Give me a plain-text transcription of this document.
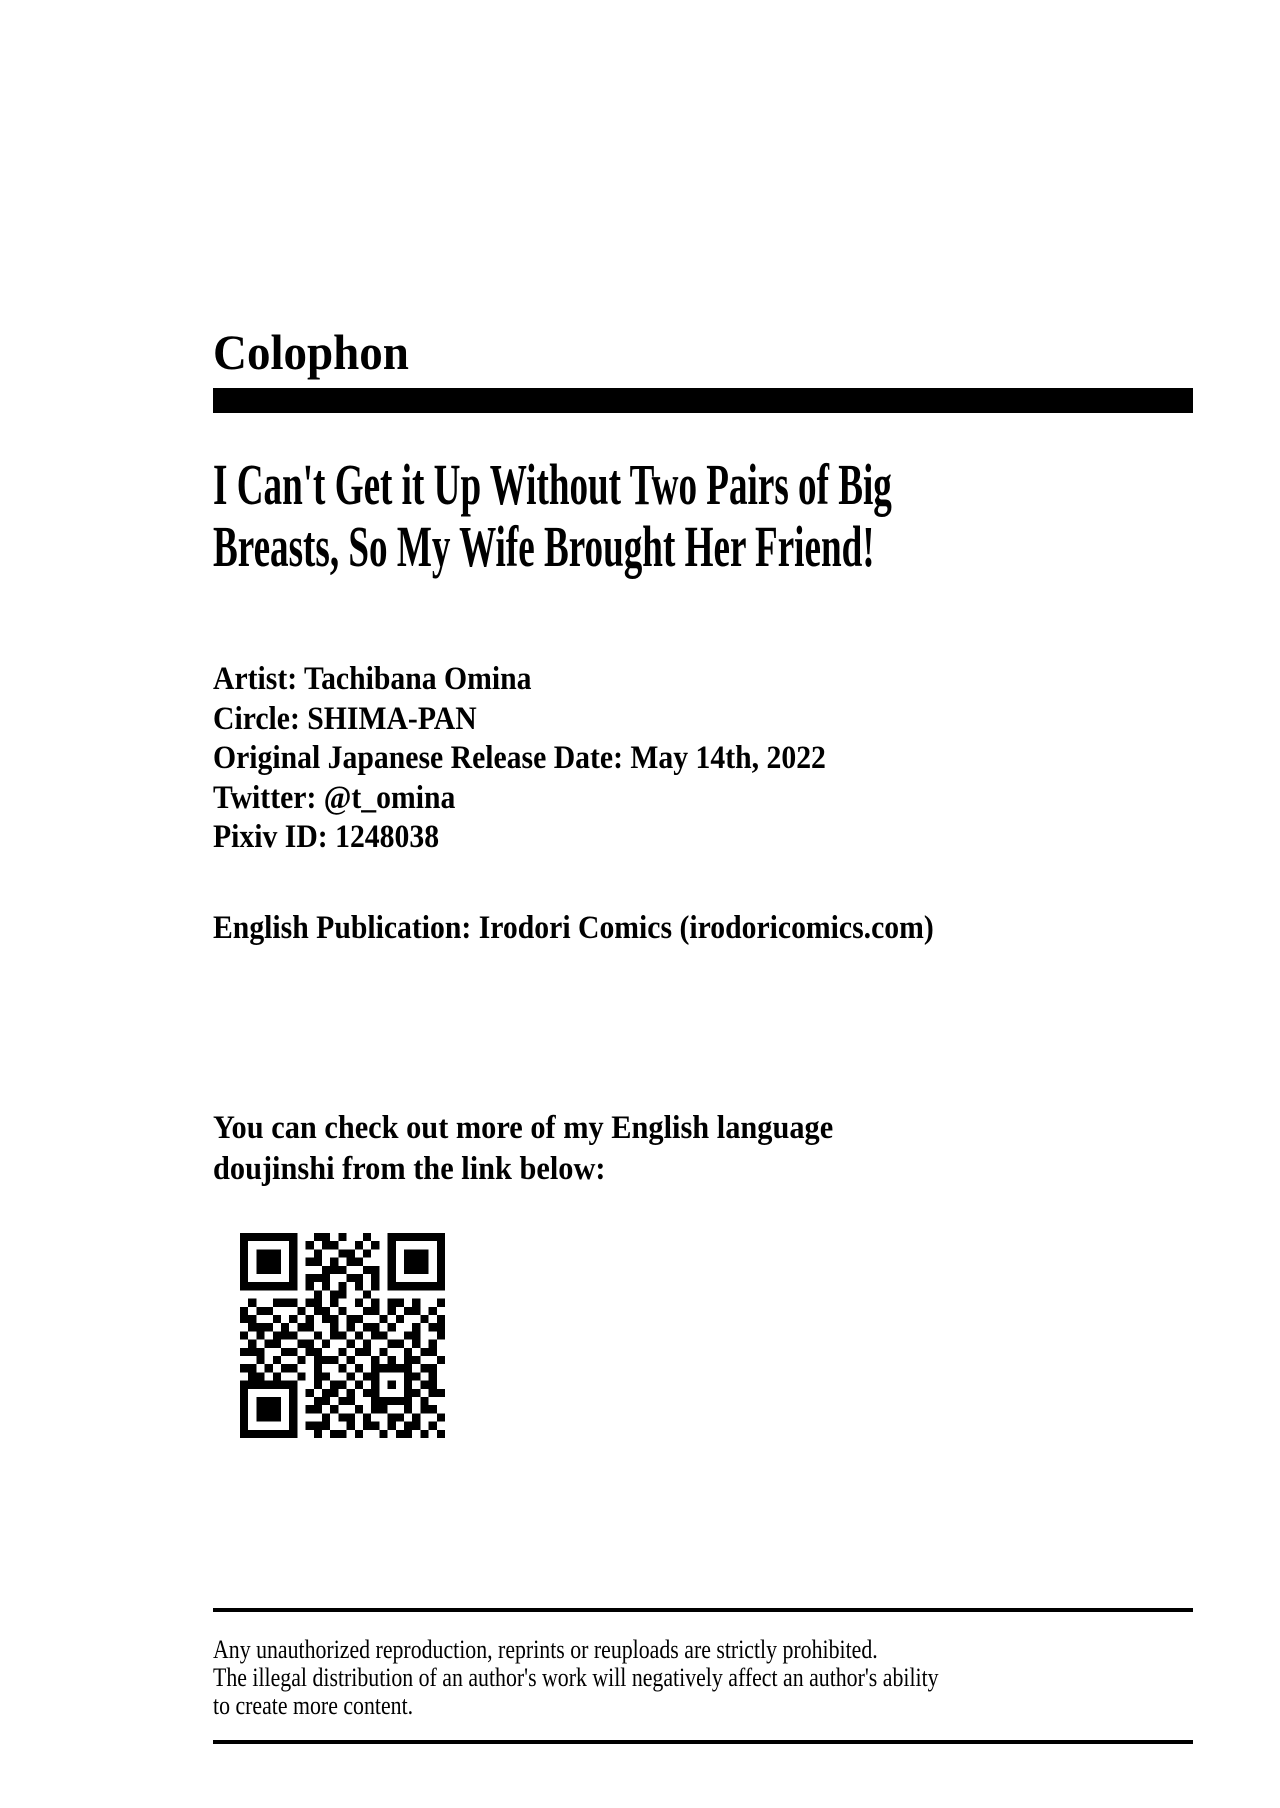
Colophon
I Can't Get it Up Without Two Pairs of Big
Breasts, So My Wife Brought Her Friend!
Artist: Tachibana Omina
Circle: SHIMA-PAN
Original Japanese Release Date: May 14th, 2022
Twitter: @t_omina
Pixiv ID: 1248038
English Publication: Irodori Comics (irodoricomics.com)
You can check out more of my English language
doujinshi from the link below:
Any unauthorized reproduction, reprints or reuploads are strictly prohibited.
The illegal distribution of an author's work will negatively affect an author's ability
to create more content.
